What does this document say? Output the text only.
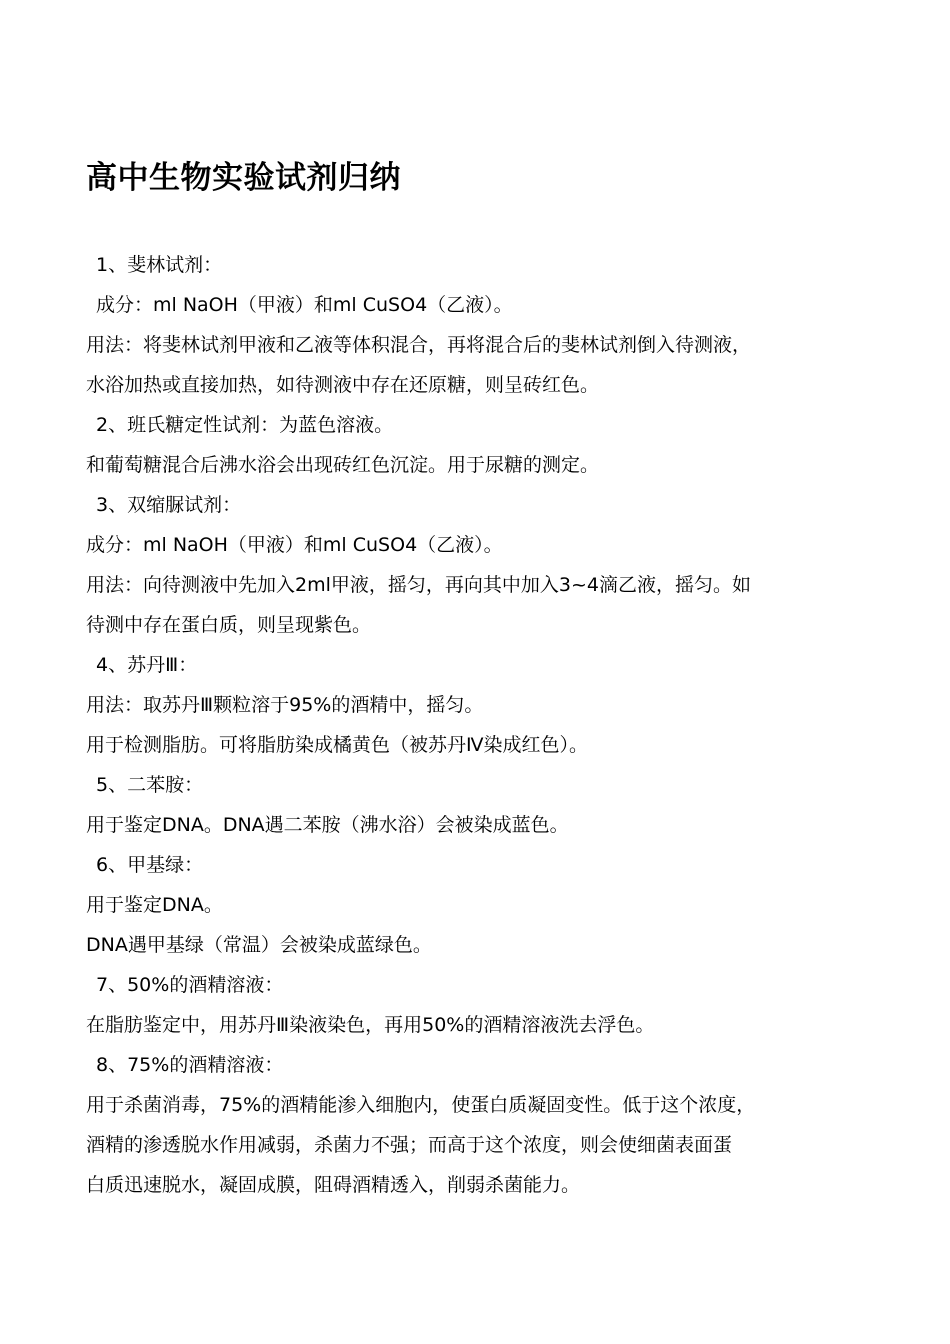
高中生物实验试剂归纳
1、斐林试剂：
成分：ml NaOH（甲液）和ml CuSO4（乙液）。
用法：将斐林试剂甲液和乙液等体积混合，再将混合后的斐林试剂倒入待测液，
水浴加热或直接加热，如待测液中存在还原糖，则呈砖红色。
2、班氏糖定性试剂：为蓝色溶液。
和葡萄糖混合后沸水浴会出现砖红色沉淀。用于尿糖的测定。
3、双缩脲试剂：
成分：ml NaOH（甲液）和ml CuSO4（乙液）。
用法：向待测液中先加入2ml甲液，摇匀，再向其中加入3~4滴乙液，摇匀。如
待测中存在蛋白质，则呈现紫色。
4、苏丹Ⅲ：
用法：取苏丹Ⅲ颗粒溶于95%的酒精中，摇匀。
用于检测脂肪。可将脂肪染成橘黄色（被苏丹Ⅳ染成红色）。
5、二苯胺：
用于鉴定DNA。DNA遇二苯胺（沸水浴）会被染成蓝色。
6、甲基绿：
用于鉴定DNA。
DNA遇甲基绿（常温）会被染成蓝绿色。
7、50%的酒精溶液：
在脂肪鉴定中，用苏丹Ⅲ染液染色，再用50%的酒精溶液洗去浮色。
8、75%的酒精溶液：
用于杀菌消毒，75%的酒精能渗入细胞内，使蛋白质凝固变性。低于这个浓度，
酒精的渗透脱水作用减弱，杀菌力不强；而高于这个浓度，则会使细菌表面蛋
白质迅速脱水，凝固成膜，阻碍酒精透入，削弱杀菌能力。
